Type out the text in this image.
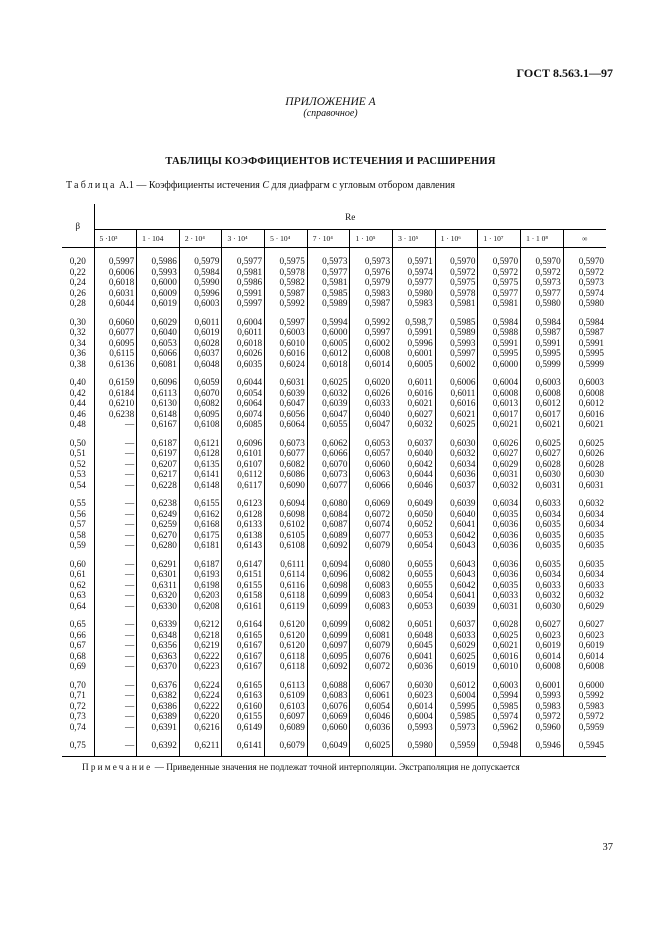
ГОСТ 8.563.1—97
ПРИЛОЖЕНИЕ А
(справочное)
ТАБЛИЦЫ КОЭФФИЦИЕНТОВ ИСТЕЧЕНИЯ И РАСШИРЕНИЯ
Таблица А.1 — Коэффициенты истечения C для диафрагм с угловым отбором давления
β	Re											
	5 ·10³	1 · 104	2 · 10⁴	3 · 10⁴	5 · 10⁴	7 · 10⁴	1 · 10⁵	3 · 10⁵	1 · 10⁶	1 · 10⁷	1 · 1 0⁸	∞
0,20	0,5997	0,5986	0,5979	0,5977	0,5975	0,5973	0,5973	0,5971	0,5970	0,5970	0,5970	0,5970
0,22	0,6006	0,5993	0,5984	0,5981	0,5978	0,5977	0,5976	0,5974	0,5972	0,5972	0,5972	0,5972
0,24	0,6018	0,6000	0,5990	0,5986	0,5982	0,5981	0,5979	0,5977	0,5975	0,5975	0,5973	0,5973
0,26	0,6031	0,6009	0,5996	0,5991	0,5987	0,5985	0,5983	0,5980	0,5978	0,5977	0,5977	0,5974
0,28	0,6044	0,6019	0,6003	0,5997	0,5992	0,5989	0,5987	0,5983	0,5981	0,5981	0,5980	0,5980
0,30	0,6060	0,6029	0,6011	0,6004	0,5997	0,5994	0,5992	0,598,7	0,5985	0,5984	0,5984	0,5984
0,32	0,6077	0,6040	0,6019	0,6011	0,6003	0,6000	0,5997	0,5991	0,5989	0,5988	0,5987	0,5987
0,34	0,6095	0,6053	0,6028	0,6018	0,6010	0,6005	0,6002	0,5996	0,5993	0,5991	0,5991	0,5991
0,36	0,6115	0,6066	0,6037	0,6026	0,6016	0,6012	0,6008	0,6001	0,5997	0,5995	0,5995	0,5995
0,38	0,6136	0,6081	0,6048	0,6035	0,6024	0,6018	0,6014	0,6005	0,6002	0,6000	0,5999	0,5999
0,40	0,6159	0,6096	0,6059	0,6044	0,6031	0,6025	0,6020	0,6011	0,6006	0,6004	0,6003	0,6003
0,42	0,6184	0,6113	0,6070	0,6054	0,6039	0,6032	0,6026	0,6016	0,6011	0,6008	0,6008	0,6008
0,44	0,6210	0,6130	0,6082	0,6064	0,6047	0,6039	0,6033	0,6021	0,6016	0,6013	0,6012	0,6012
0,46	0,6238	0,6148	0,6095	0,6074	0,6056	0,6047	0,6040	0,6027	0,6021	0,6017	0,6017	0,6016
0,48	—	0,6167	0,6108	0,6085	0,6064	0,6055	0,6047	0,6032	0,6025	0,6021	0,6021	0,6021
0,50	—	0,6187	0,6121	0,6096	0,6073	0,6062	0,6053	0,6037	0,6030	0,6026	0,6025	0,6025
0,51	—	0,6197	0,6128	0,6101	0,6077	0,6066	0,6057	0,6040	0,6032	0,6027	0,6027	0,6026
0,52	—	0,6207	0,6135	0,6107	0,6082	0,6070	0,6060	0,6042	0,6034	0,6029	0,6028	0,6028
0,53	—	0,6217	0,6141	0,6112	0,6086	0,6073	0,6063	0,6044	0,6036	0,6031	0,6030	0,6030
0,54	—	0,6228	0,6148	0,6117	0,6090	0,6077	0,6066	0,6046	0,6037	0,6032	0,6031	0,6031
0,55	—	0,6238	0,6155	0,6123	0,6094	0,6080	0,6069	0,6049	0,6039	0,6034	0,6033	0,6032
0,56	—	0,6249	0,6162	0,6128	0,6098	0,6084	0,6072	0,6050	0,6040	0,6035	0,6034	0,6034
0,57	—	0,6259	0,6168	0,6133	0,6102	0,6087	0,6074	0,6052	0,6041	0,6036	0,6035	0,6034
0,58	—	0,6270	0,6175	0,6138	0,6105	0,6089	0,6077	0,6053	0,6042	0,6036	0,6035	0,6035
0,59	—	0,6280	0,6181	0,6143	0,6108	0,6092	0,6079	0,6054	0,6043	0,6036	0,6035	0,6035
0,60	—	0,6291	0,6187	0,6147	0,6111	0,6094	0,6080	0,6055	0,6043	0,6036	0,6035	0,6035
0,61	—	0,6301	0,6193	0,6151	0,6114	0,6096	0,6082	0,6055	0,6043	0,6036	0,6034	0,6034
0,62	—	0,6311	0,6198	0,6155	0,6116	0,6098	0,6083	0,6055	0,6042	0,6035	0,6033	0,6033
0,63	—	0,6320	0,6203	0,6158	0,6118	0,6099	0,6083	0,6054	0,6041	0,6033	0,6032	0,6032
0,64	—	0,6330	0,6208	0,6161	0,6119	0,6099	0,6083	0,6053	0,6039	0,6031	0,6030	0,6029
0,65	—	0,6339	0,6212	0,6164	0,6120	0,6099	0,6082	0,6051	0,6037	0,6028	0,6027	0,6027
0,66	—	0,6348	0,6218	0,6165	0,6120	0,6099	0,6081	0,6048	0,6033	0,6025	0,6023	0,6023
0,67	—	0,6356	0,6219	0,6167	0,6120	0,6097	0,6079	0,6045	0,6029	0,6021	0,6019	0,6019
0,68	—	0,6363	0,6222	0,6167	0,6118	0,6095	0,6076	0,6041	0,6025	0,6016	0,6014	0,6014
0,69	—	0,6370	0,6223	0,6167	0,6118	0,6092	0,6072	0,6036	0,6019	0,6010	0,6008	0,6008
0,70	—	0,6376	0,6224	0,6165	0,6113	0,6088	0,6067	0,6030	0,6012	0,6003	0,6001	0,6000
0,71	—	0,6382	0,6224	0,6163	0,6109	0,6083	0,6061	0,6023	0,6004	0,5994	0,5993	0,5992
0,72	—	0,6386	0,6222	0,6160	0,6103	0,6076	0,6054	0,6014	0,5995	0,5985	0,5983	0,5983
0,73	—	0,6389	0,6220	0,6155	0,6097	0,6069	0,6046	0,6004	0,5985	0,5974	0,5972	0,5972
0,74	—	0,6391	0,6216	0,6149	0,6089	0,6060	0,6036	0,5993	0,5973	0,5962	0,5960	0,5959
0,75	—	0,6392	0,6211	0,6141	0,6079	0,6049	0,6025	0,5980	0,5959	0,5948	0,5946	0,5945
Примечание — Приведенные значения не подлежат точной интерполяции. Экстраполяция не допускается												
37
